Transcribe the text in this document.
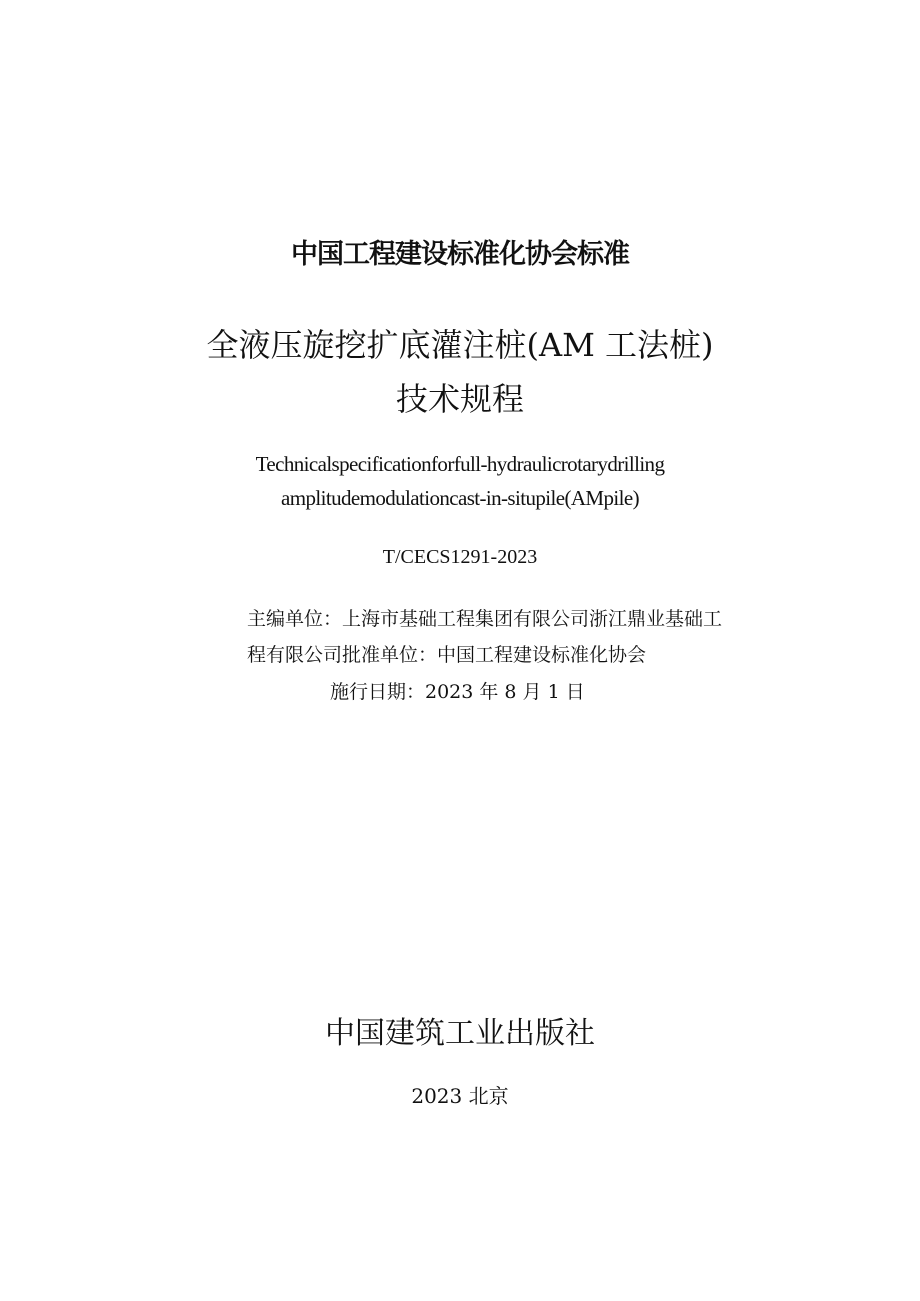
中国工程建设标准化协会标准

全液压旋挖扩底灌注桩(AM 工法桩)

技术规程

Technicalspecificationforfull-hydraulicrotarydrilling

amplitudemodulationcast-in-situpile(AMpile)

T/CECS1291-2023

主编单位：上海市基础工程集团有限公司浙江鼎业基础工

程有限公司批准单位：中国工程建设标准化协会

施行日期：2023 年 8 月 1 日

中国建筑工业出版社

2023 北京
